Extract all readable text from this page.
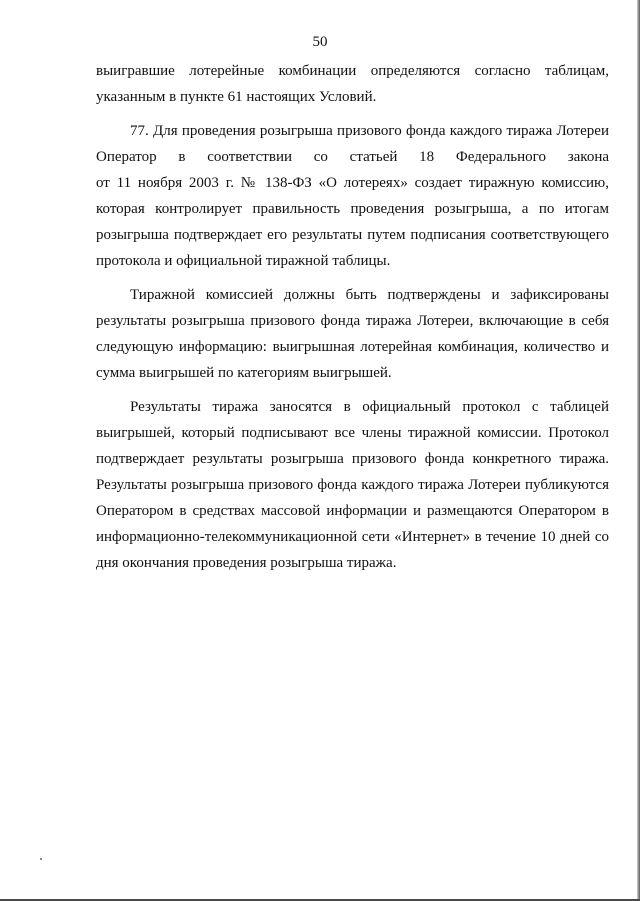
50
выигравшие лотерейные комбинации определяются согласно таблицам,
указанным в пункте 61 настоящих Условий.
77. Для проведения розыгрыша призового фонда каждого тиража Лотереи
Оператор в соответствии со статьей 18 Федерального закона
от 11 ноября 2003 г. № 138-ФЗ «О лотереях» создает тиражную комиссию,
которая контролирует правильность проведения розыгрыша, а по итогам
розыгрыша подтверждает его результаты путем подписания соответствующего
протокола и официальной тиражной таблицы.
Тиражной комиссией должны быть подтверждены и зафиксированы
результаты розыгрыша призового фонда тиража Лотереи, включающие в себя
следующую информацию: выигрышная лотерейная комбинация, количество и
сумма выигрышей по категориям выигрышей.
Результаты тиража заносятся в официальный протокол с таблицей
выигрышей, который подписывают все члены тиражной комиссии. Протокол
подтверждает результаты розыгрыша призового фонда конкретного тиража.
Результаты розыгрыша призового фонда каждого тиража Лотереи публикуются
Оператором в средствах массовой информации и размещаются Оператором в
информационно-телекоммуникационной сети «Интернет» в течение 10 дней со
дня окончания проведения розыгрыша тиража.
